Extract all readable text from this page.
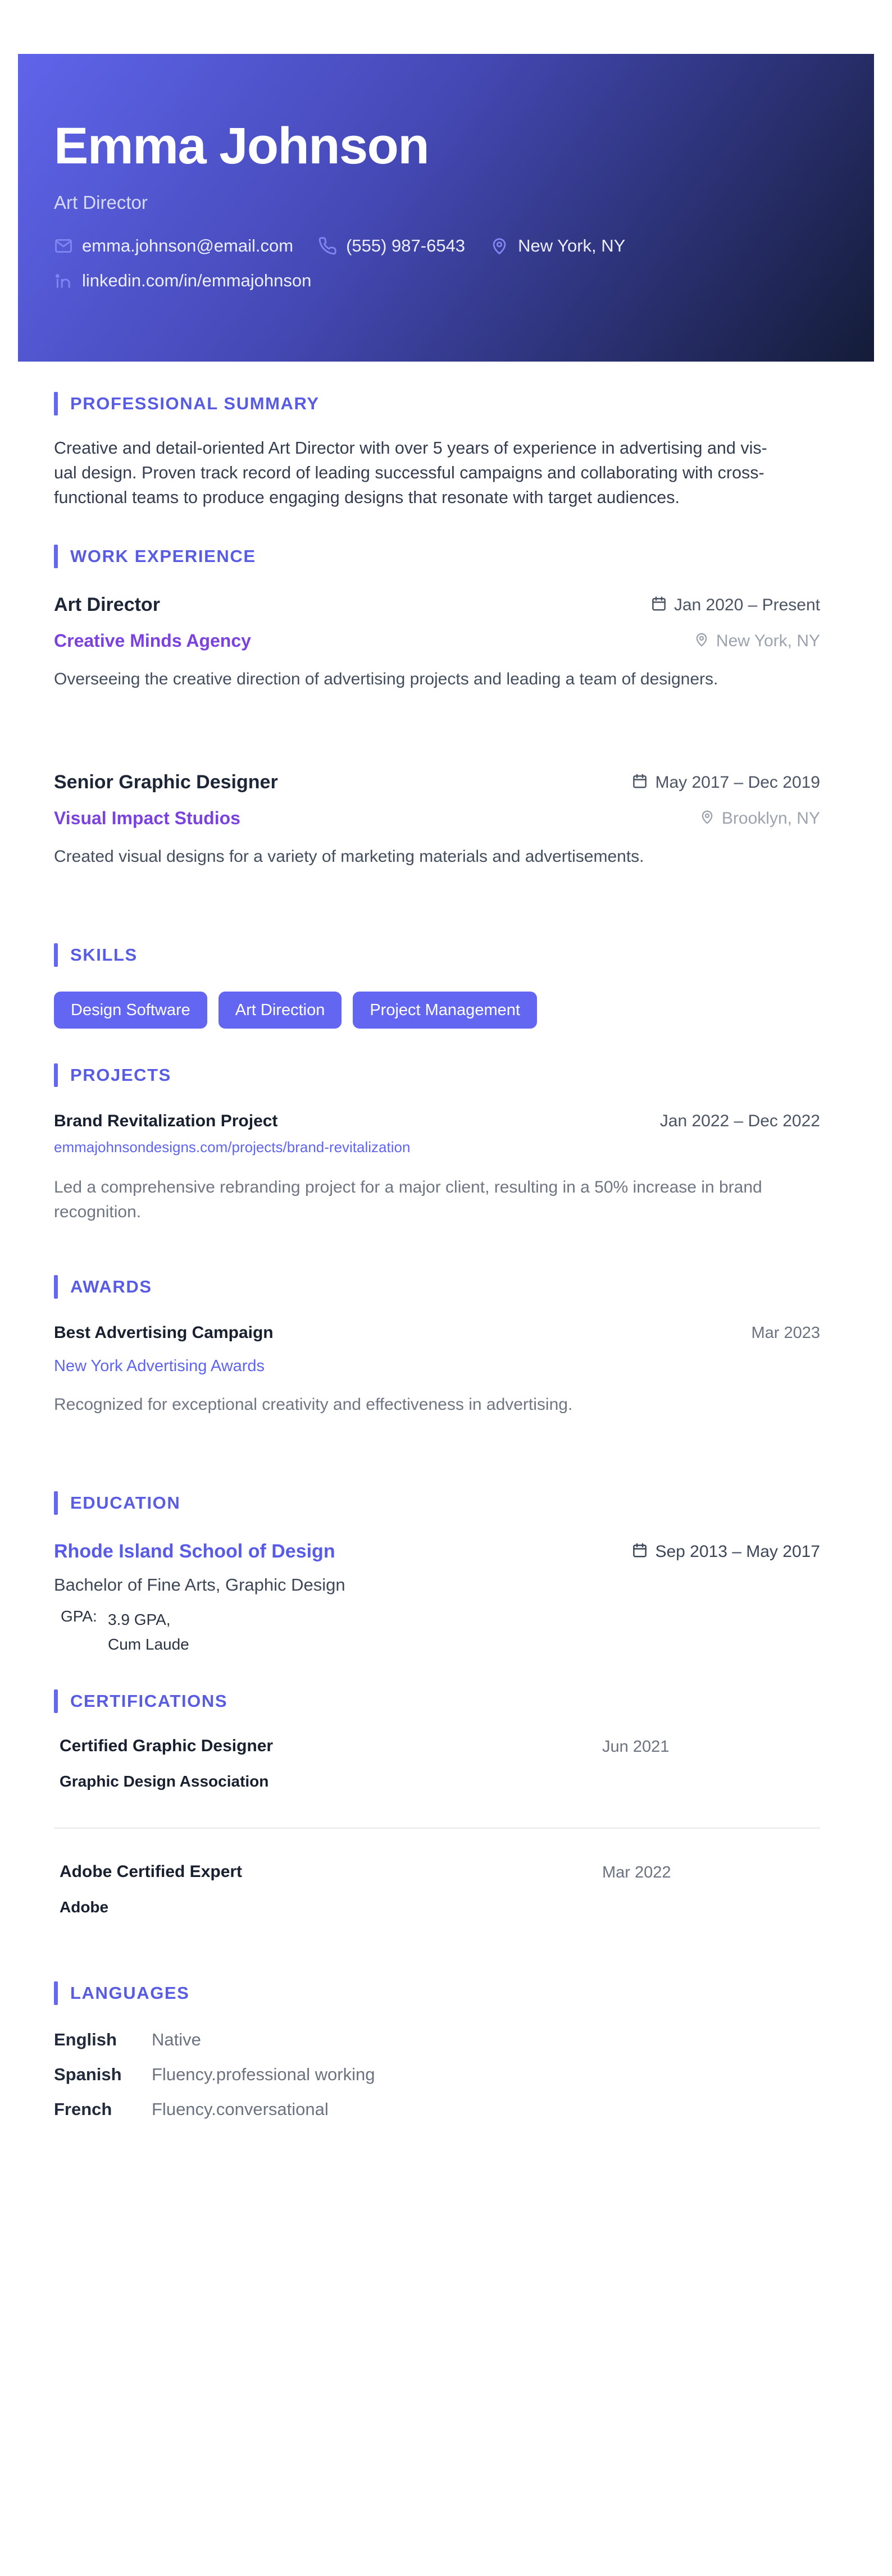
Emma Johnson
Art Director
emma.johnson@email.com	(555) 987-6543	New York, NY
linkedin.com/in/emmajohnson
PROFESSIONAL SUMMARY

Creative and detail-oriented Art Director with over 5 years of experience in advertising and vis-
ual design. Proven track record of leading successful campaigns and collaborating with cross-
functional teams to produce engaging designs that resonate with target audiences.

WORK EXPERIENCE
Art Director	Jan 2020 – Present
Creative Minds Agency	New York, NY

Overseeing the creative direction of advertising projects and leading a team of designers.

Senior Graphic Designer	May 2017 – Dec 2019
Visual Impact Studios	Brooklyn, NY

Created visual designs for a variety of marketing materials and advertisements.

SKILLS
Design Software	Art Direction	Project Management
PROJECTS
Brand Revitalization Project	Jan 2022 – Dec 2022
emmajohnsondesigns.com/projects/brand-revitalization

Led a comprehensive rebranding project for a major client, resulting in a 50% increase in brand
recognition.

AWARDS
Best Advertising Campaign	Mar 2023
New York Advertising Awards

Recognized for exceptional creativity and effectiveness in advertising.

EDUCATION
Rhode Island School of Design	Sep 2013 – May 2017
Bachelor of Fine Arts, Graphic Design
GPA: 3.9 GPA,
Cum Laude
CERTIFICATIONS
Certified Graphic Designer	Jun 2021
Graphic Design Association
Adobe Certified Expert	Mar 2022
Adobe
LANGUAGES
English	Native
Spanish	Fluency.professional working
French	Fluency.conversational
